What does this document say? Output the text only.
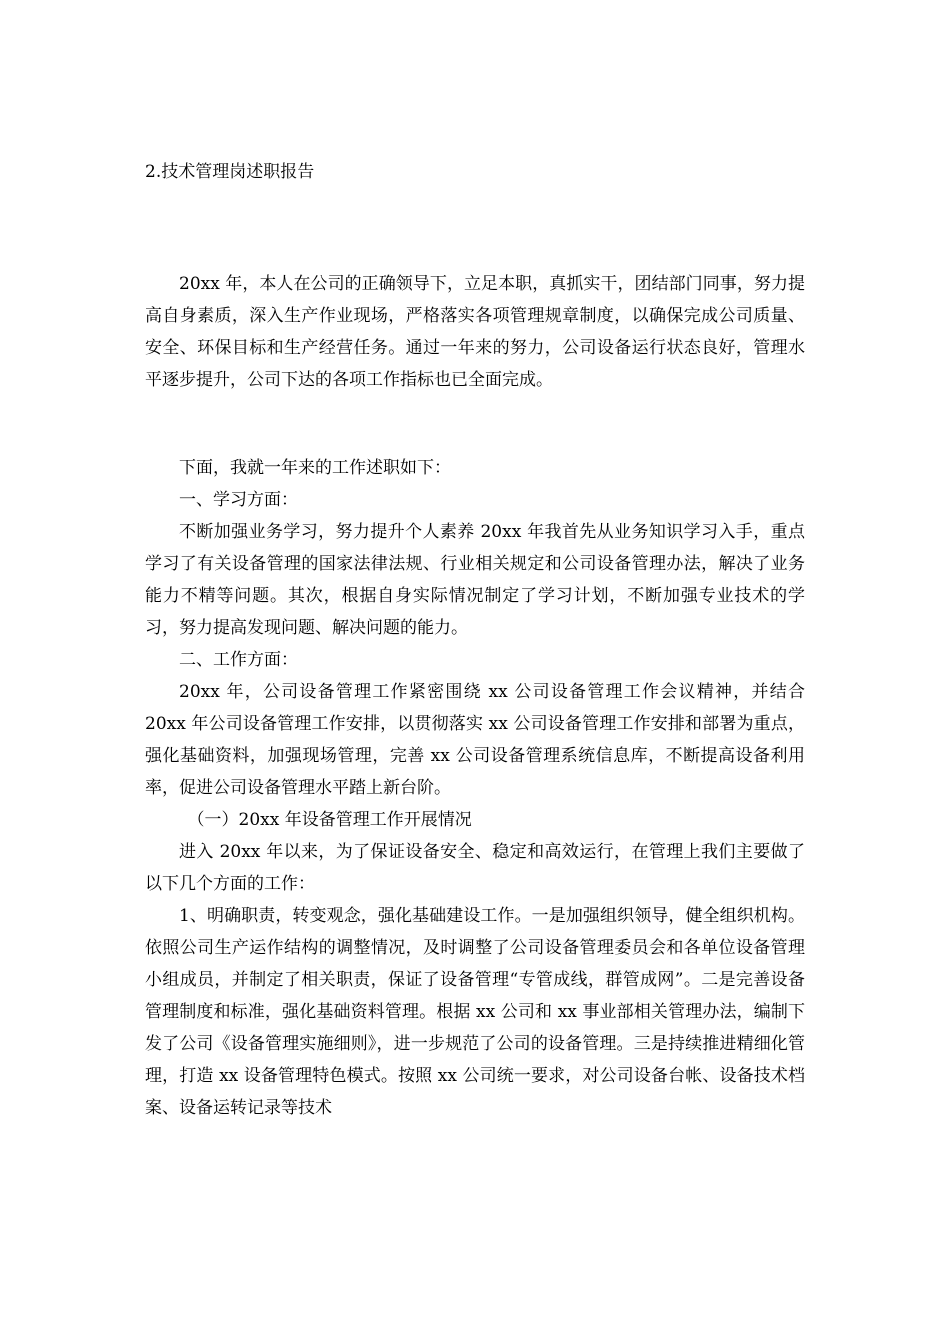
2.技术管理岗述职报告

20xx 年，本人在公司的正确领导下，立足本职，真抓实干，团结部门同事，努力提高自身素质，深入生产作业现场，严格落实各项管理规章制度，以确保完成公司质量、安全、环保目标和生产经营任务。通过一年来的努力，公司设备运行状态良好，管理水平逐步提升，公司下达的各项工作指标也已全面完成。

下面，我就一年来的工作述职如下：

一、学习方面：

不断加强业务学习，努力提升个人素养 20xx 年我首先从业务知识学习入手，重点学习了有关设备管理的国家法律法规、行业相关规定和公司设备管理办法，解决了业务能力不精等问题。其次，根据自身实际情况制定了学习计划，不断加强专业技术的学习，努力提高发现问题、解决问题的能力。

二、工作方面：

20xx 年，公司设备管理工作紧密围绕 xx 公司设备管理工作会议精神，并结合 20xx 年公司设备管理工作安排，以贯彻落实 xx 公司设备管理工作安排和部署为重点，强化基础资料，加强现场管理，完善 xx 公司设备管理系统信息库，不断提高设备利用率，促进公司设备管理水平踏上新台阶。

（一）20xx 年设备管理工作开展情况

进入 20xx 年以来，为了保证设备安全、稳定和高效运行，在管理上我们主要做了以下几个方面的工作：

1、明确职责，转变观念，强化基础建设工作。一是加强组织领导，健全组织机构。依照公司生产运作结构的调整情况，及时调整了公司设备管理委员会和各单位设备管理小组成员，并制定了相关职责，保证了设备管理“专管成线，群管成网”。二是完善设备管理制度和标准，强化基础资料管理。根据 xx 公司和 xx 事业部相关管理办法，编制下发了公司《设备管理实施细则》，进一步规范了公司的设备管理。三是持续推进精细化管理，打造 xx 设备管理特色模式。按照 xx 公司统一要求，对公司设备台帐、设备技术档案、设备运转记录等技术
